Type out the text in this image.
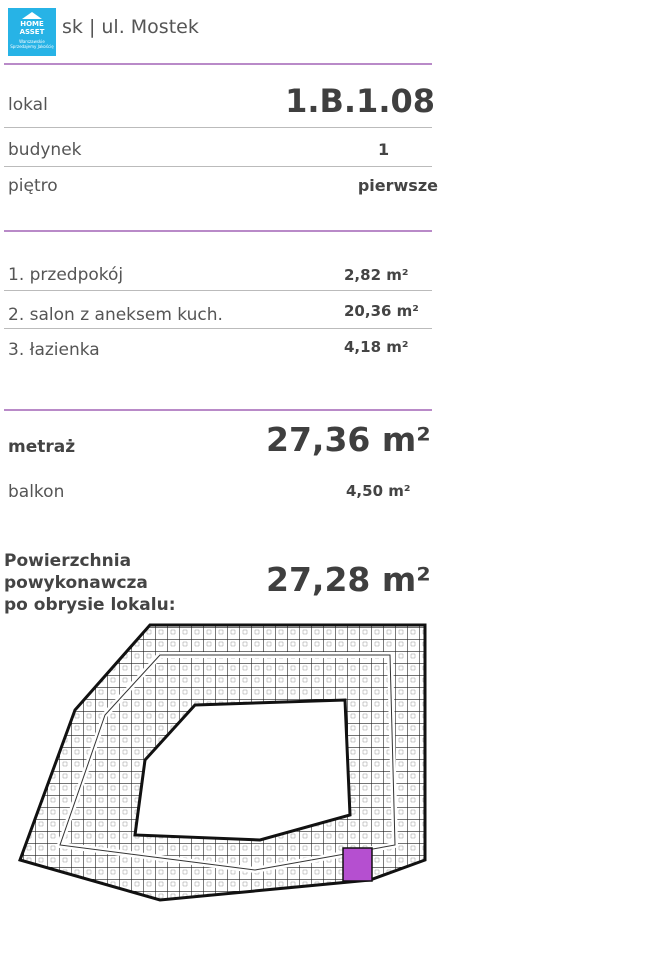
HOME
ASSET
Warszawskie Sprzedajemy Jakościę
sk | ul. Mostek
lokal	1.B.1.08
budynek	1
piętro	pierwsze
1. przedpokój	2,82 m²
2. salon z aneksem kuch.	20,36 m²
3. łazienka	4,18 m²
metraż	27,36 m²
balkon	4,50 m²
Powierzchnia
powykonawcza
po obrysie lokalu:
27,28 m²
